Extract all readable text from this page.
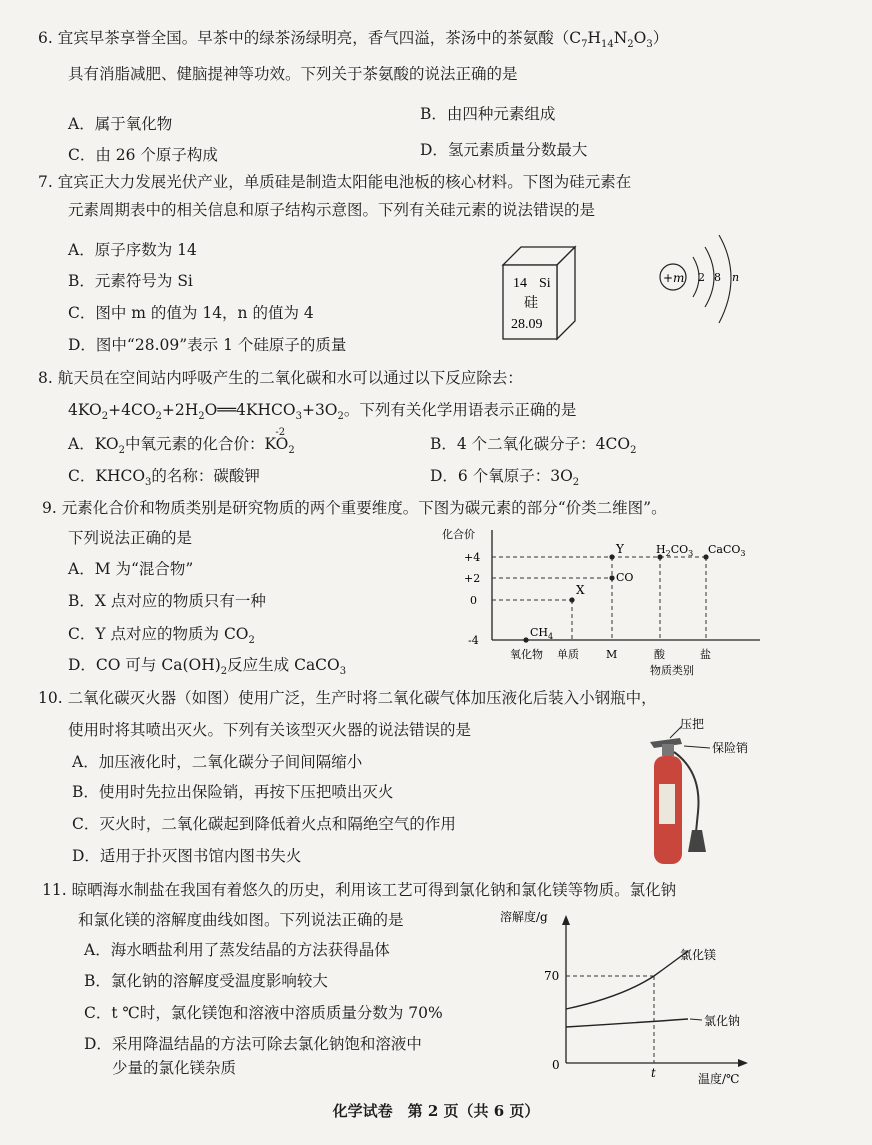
6. 宜宾早茶享誉全国。早茶中的绿茶汤绿明亮，香气四溢，茶汤中的茶氨酸$(C_7H_{14}N_2O_3)$
具有消脂减肥、健脑提神等功效。下列关于茶氨酸的说法正确的是
A．属于氧化物
B．由四种元素组成
C．由 26 个原子构成	D．氢元素质量分数最大
7. 宜宾正大力发展光伏产业，单质硅是制造太阳能电池板的核心材料。下图为硅元素在
元素周期表中的相关信息和原子结构示意图。下列有关硅元素的说法错误的是
A．原子序数为 14
B．元素符号为 Si
C．图中 m 的值为 14，n 的值为 4
D．图中“28.09”表示 1 个硅原子的质量
14 Si
硅
28.09
+m 2 8 n
8. 航天员在空间站内呼吸产生的二氧化碳和水可以通过以下反应除去：
$4KO_2+4CO_2+2H_2O══4KHCO_3+3O_2$。下列有关化学用语表示正确的是
A．$KO_2$中氧元素的化合价：KO
-2
$_2$	B．4 个二氧化碳分子：$4CO_2$
C．$KHCO_3$的名称：碳酸钾	D．6 个氧原子：$3O_2$
9. 元素化合价和物质类别是研究物质的两个重要维度。下图为碳元素的部分“价类二维图”。
下列说法正确的是
A．M 为“混合物”
B．X 点对应的物质只有一种
C．Y 点对应的物质为 $CO_2$
D．CO 可与 $Ca(OH)_2$反应生成 CaCO$_3$
化合价
+4
+2
0
-4
$CH_4$
X
CO
Y	$H_2CO_3$ CaCO$_3$
氧化物 单质 M	酸	盐
物质类别
10. 二氧化碳灭火器（如图）使用广泛，生产时将二氧化碳气体加压液化后装入小钢瓶中，
使用时将其喷出灭火。下列有关该型灭火器的说法错误的是
A．加压液化时，二氧化碳分子间间隔缩小
B．使用时先拉出保险销，再按下压把喷出灭火
C．灭火时，二氧化碳起到降低着火点和隔绝空气的作用
D．适用于扑灭图书馆内图书失火
压把
保险销
11. 晾晒海水制盐在我国有着悠久的历史，利用该工艺可得到氯化钠和氯化镁等物质。氯化钠
和氯化镁的溶解度曲线如图。下列说法正确的是
A．海水晒盐利用了蒸发结晶的方法获得晶体
B．氯化钠的溶解度受温度影响较大
C．t ℃时，氯化镁饱和溶液中溶质质量分数为 70%
D．采用降温结晶的方法可除去氯化钠饱和溶液中
少量的氯化镁杂质
溶解度/g
氯化镁
氯化钠
70
0
t	温度/℃
化学试卷　第 2 页（共 6 页）
